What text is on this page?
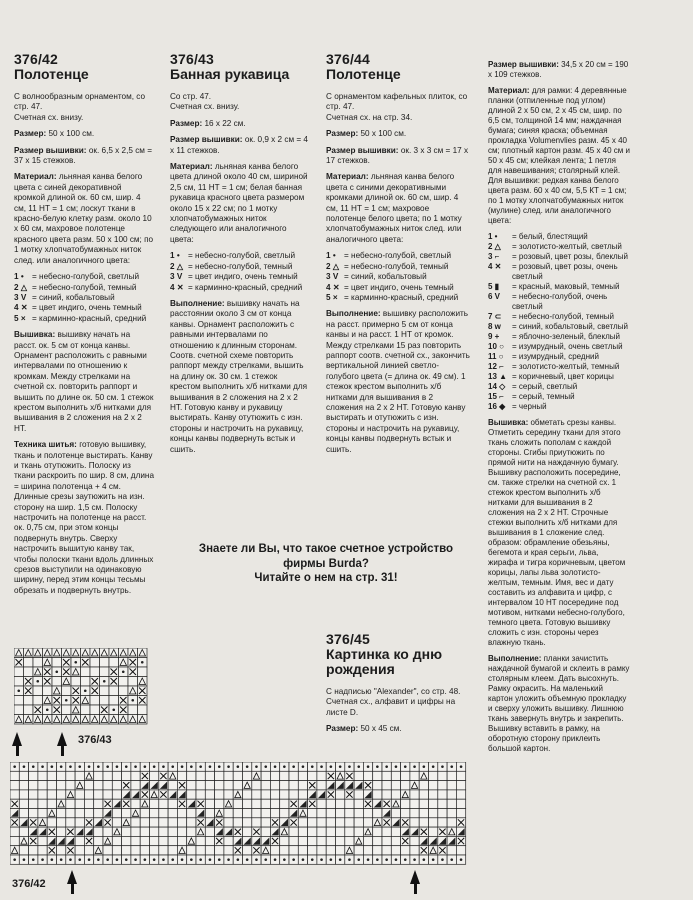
376/42
Полотенце

С волнообразным орнаментом, со стр. 47.
Счетная сх. внизу.

Размер: 50 х 100 см.

Размер вышивки: ок. 6,5 х 2,5 см = 37 х 15 стежков.

Материал: льняная канва белого цвета с синей декоративной кромкой длиной ок. 60 см, шир. 4 см, 11 НТ = 1 см; лоскут ткани в красно-белую клетку разм. около 10 х 60 см, махровое полотенце красного цвета разм. 50 х 100 см; по 1 мотку хлопчатобумажных ниток след. или аналогичного цвета:

1 •	= небесно-голубой, светлый
2 △ = небесно-голубой, темный
3 V = синий, кобальтовый
4 ✕ = цвет индиго, очень темный
5 × = карминно-красный, средний

Вышивка: вышивку начать на расст. ок. 5 см от конца канвы. Орнамент расположить с равными интервалами по отношению к кромкам. Между стрелками на счетной сх. повторить раппорт и вышить по длине ок. 50 см. 1 стежок крестом выполнить х/б нитками для вышивания в 2 сложения на 2 х 2 НТ.

Техника шитья: готовую вышивку, ткань и полотенце выстирать. Канву и ткань отутюжить. Полоску из ткани раскроить по шир. 8 см, длина = ширина полотенца + 4 см. Длинные срезы заутюжить на изн. сторону на шир. 1,5 см. Полоску настрочить на полотенце на расст. ок. 0,75 см, при этом концы подвернуть внутрь. Сверху настрочить вышитую канву так, чтобы полоски ткани вдоль длинных срезов выступили на одинаковую ширину, перед этим концы тесьмы обрезать и подвернуть внутрь.

376/43
Банная рукавица

Со стр. 47.
Счетная сх. внизу.

Размер: 16 х 22 см.

Размер вышивки: ок. 0,9 х 2 см = 4 х 11 стежков.

Материал: льняная канва белого цвета длиной около 40 см, шириной 2,5 см, 11 НТ = 1 см; белая банная рукавица красного цвета размером около 15 х 22 см; по 1 мотку хлопчатобумажных ниток следующего или аналогичного цвета:

1 •	= небесно-голубой, светлый
2 △ = небесно-голубой, темный
3 V = цвет индиго, очень темный
4 ✕ = карминно-красный, средний

Выполнение: вышивку начать на расстоянии около 3 см от конца канвы. Орнамент расположить с равными интервалами по отношению к длинным сторонам. Соотв. счетной схеме повторить раппорт между стрелками, вышить на длину ок. 30 см. 1 стежок крестом выполнить х/б нитками для вышивания в 2 сложения на 2 х 2 НТ. Готовую канву и рукавицу выстирать. Канву отутюжить с изн. стороны и настрочить на рукавицу, концы канвы подвернуть встык и сшить.

376/44
Полотенце

С орнаментом кафельных плиток, со стр. 47.
Счетная сх. на стр. 34.

Размер: 50 х 100 см.

Размер вышивки: ок. 3 х 3 см = 17 х 17 стежков.

Материал: льняная канва белого цвета с синими декоративными кромками длиной ок. 60 см, шир. 4 см, 11 НТ = 1 см; махровое полотенце белого цвета; по 1 мотку хлопчатобумажных ниток след. или аналогичного цвета:

1 •	= небесно-голубой, светлый
2 △ = небесно-голубой, темный
3 V = синий, кобальтовый
4 ✕ = цвет индиго, очень темный
5 × = карминно-красный, средний

Выполнение: вышивку расположить на расст. примерно 5 см от конца канвы и на расст. 1 НТ от кромок. Между стрелками 15 раз повторить раппорт соотв. счетной сх., закончить вертикальной линией светло-голубого цвета (= длина ок. 49 см). 1 стежок крестом выполнить х/б нитками для вышивания в 2 сложения на 2 х 2 НТ. Готовую канву выстирать и отутюжить с изн. стороны и настрочить на рукавицу, концы канвы подвернуть встык и сшить.

Знаете ли Вы, что такое счетное устройство
фирмы Burda?
Читайте о нем на стр. 31!
376/45
Картинка ко дню рождения

С надписью "Alexander", со стр. 48.
Счетная сх., алфавит и цифры на листе D.

Размер: 50 х 45 см.

Размер вышивки: 34,5 х 20 см = 190 х 109 стежков.

Материал: для рамки: 4 деревянные планки (отпиленные под углом) длиной 2 х 50 см, 2 х 45 см, шир. по 6,5 см, толщиной 14 мм; наждачная бумага; синяя краска; объемная прокладка Volumenvlies разм. 45 х 40 см; плотный картон разм. 45 х 40 см и 50 х 45 см; клейкая лента; 1 петля для навешивания; столярный клей.

Для вышивки: редкая канва белого цвета разм. 60 х 40 см, 5,5 КТ = 1 см; по 1 мотку хлопчатобумажных ниток (мулине) след. или аналогичного цвета:

1 •	= белый, блестящий
2 △	= золотисто-желтый, светлый
3 ⌐	= розовый, цвет розы, блеклый
4 ✕	= розовый, цвет розы, очень светлый
5 ▮	= красный, маковый, темный
6 V	= небесно-голубой, очень светлый
7 ⊂	= небесно-голубой, темный
8 w	= синий, кобальтовый, светлый
9 +	= яблочно-зеленый, блеклый
10 ○	= изумрудный, очень светлый
11 ○	= изумрудный, средний
12 ⌐	= золотисто-желтый, темный
13 ▲ = коричневый, цвет корицы
14 ◇ = серый, светлый
15 ⌐	= серый, темный
16 ◆ = черный

Вышивка: обметать срезы канвы. Отметить середину ткани для этого ткань сложить пополам с каждой стороны. Сгибы приутюжить по прямой нити на наждачную бумагу. Вышивку расположить посередине, см. также стрелки на счетной сх. 1 стежок крестом выполнить х/б нитками для вышивания в 2 сложения на 2 х 2 НТ. Строчные стежки выполнить х/б нитками для вышивания в 1 сложение след. образом: обрамление обезьяны, бегемота и края серьги, льва, жирафа и тигра коричневым, цветом корицы, лапы льва золотисто-желтым, темным. Имя, вес и дату составить из алфавита и цифр, с интервалом 10 НТ посередине под мотивом, нитками небесно-голубого, темного цвета. Готовую вышивку сложить с изн. стороны через влажную ткань.

Выполнение: планки зачистить наждачной бумагой и склеить в рамку столярным клеем. Дать высохнуть. Рамку окрасить. На маленький картон уложить объемную прокладку и сверху уложить вышивку. Лишнюю ткань завернуть внутрь и закрепить. Вышивку вставить в рамку, на оборотную сторону приклеить большой картон.

376/43
376/42
